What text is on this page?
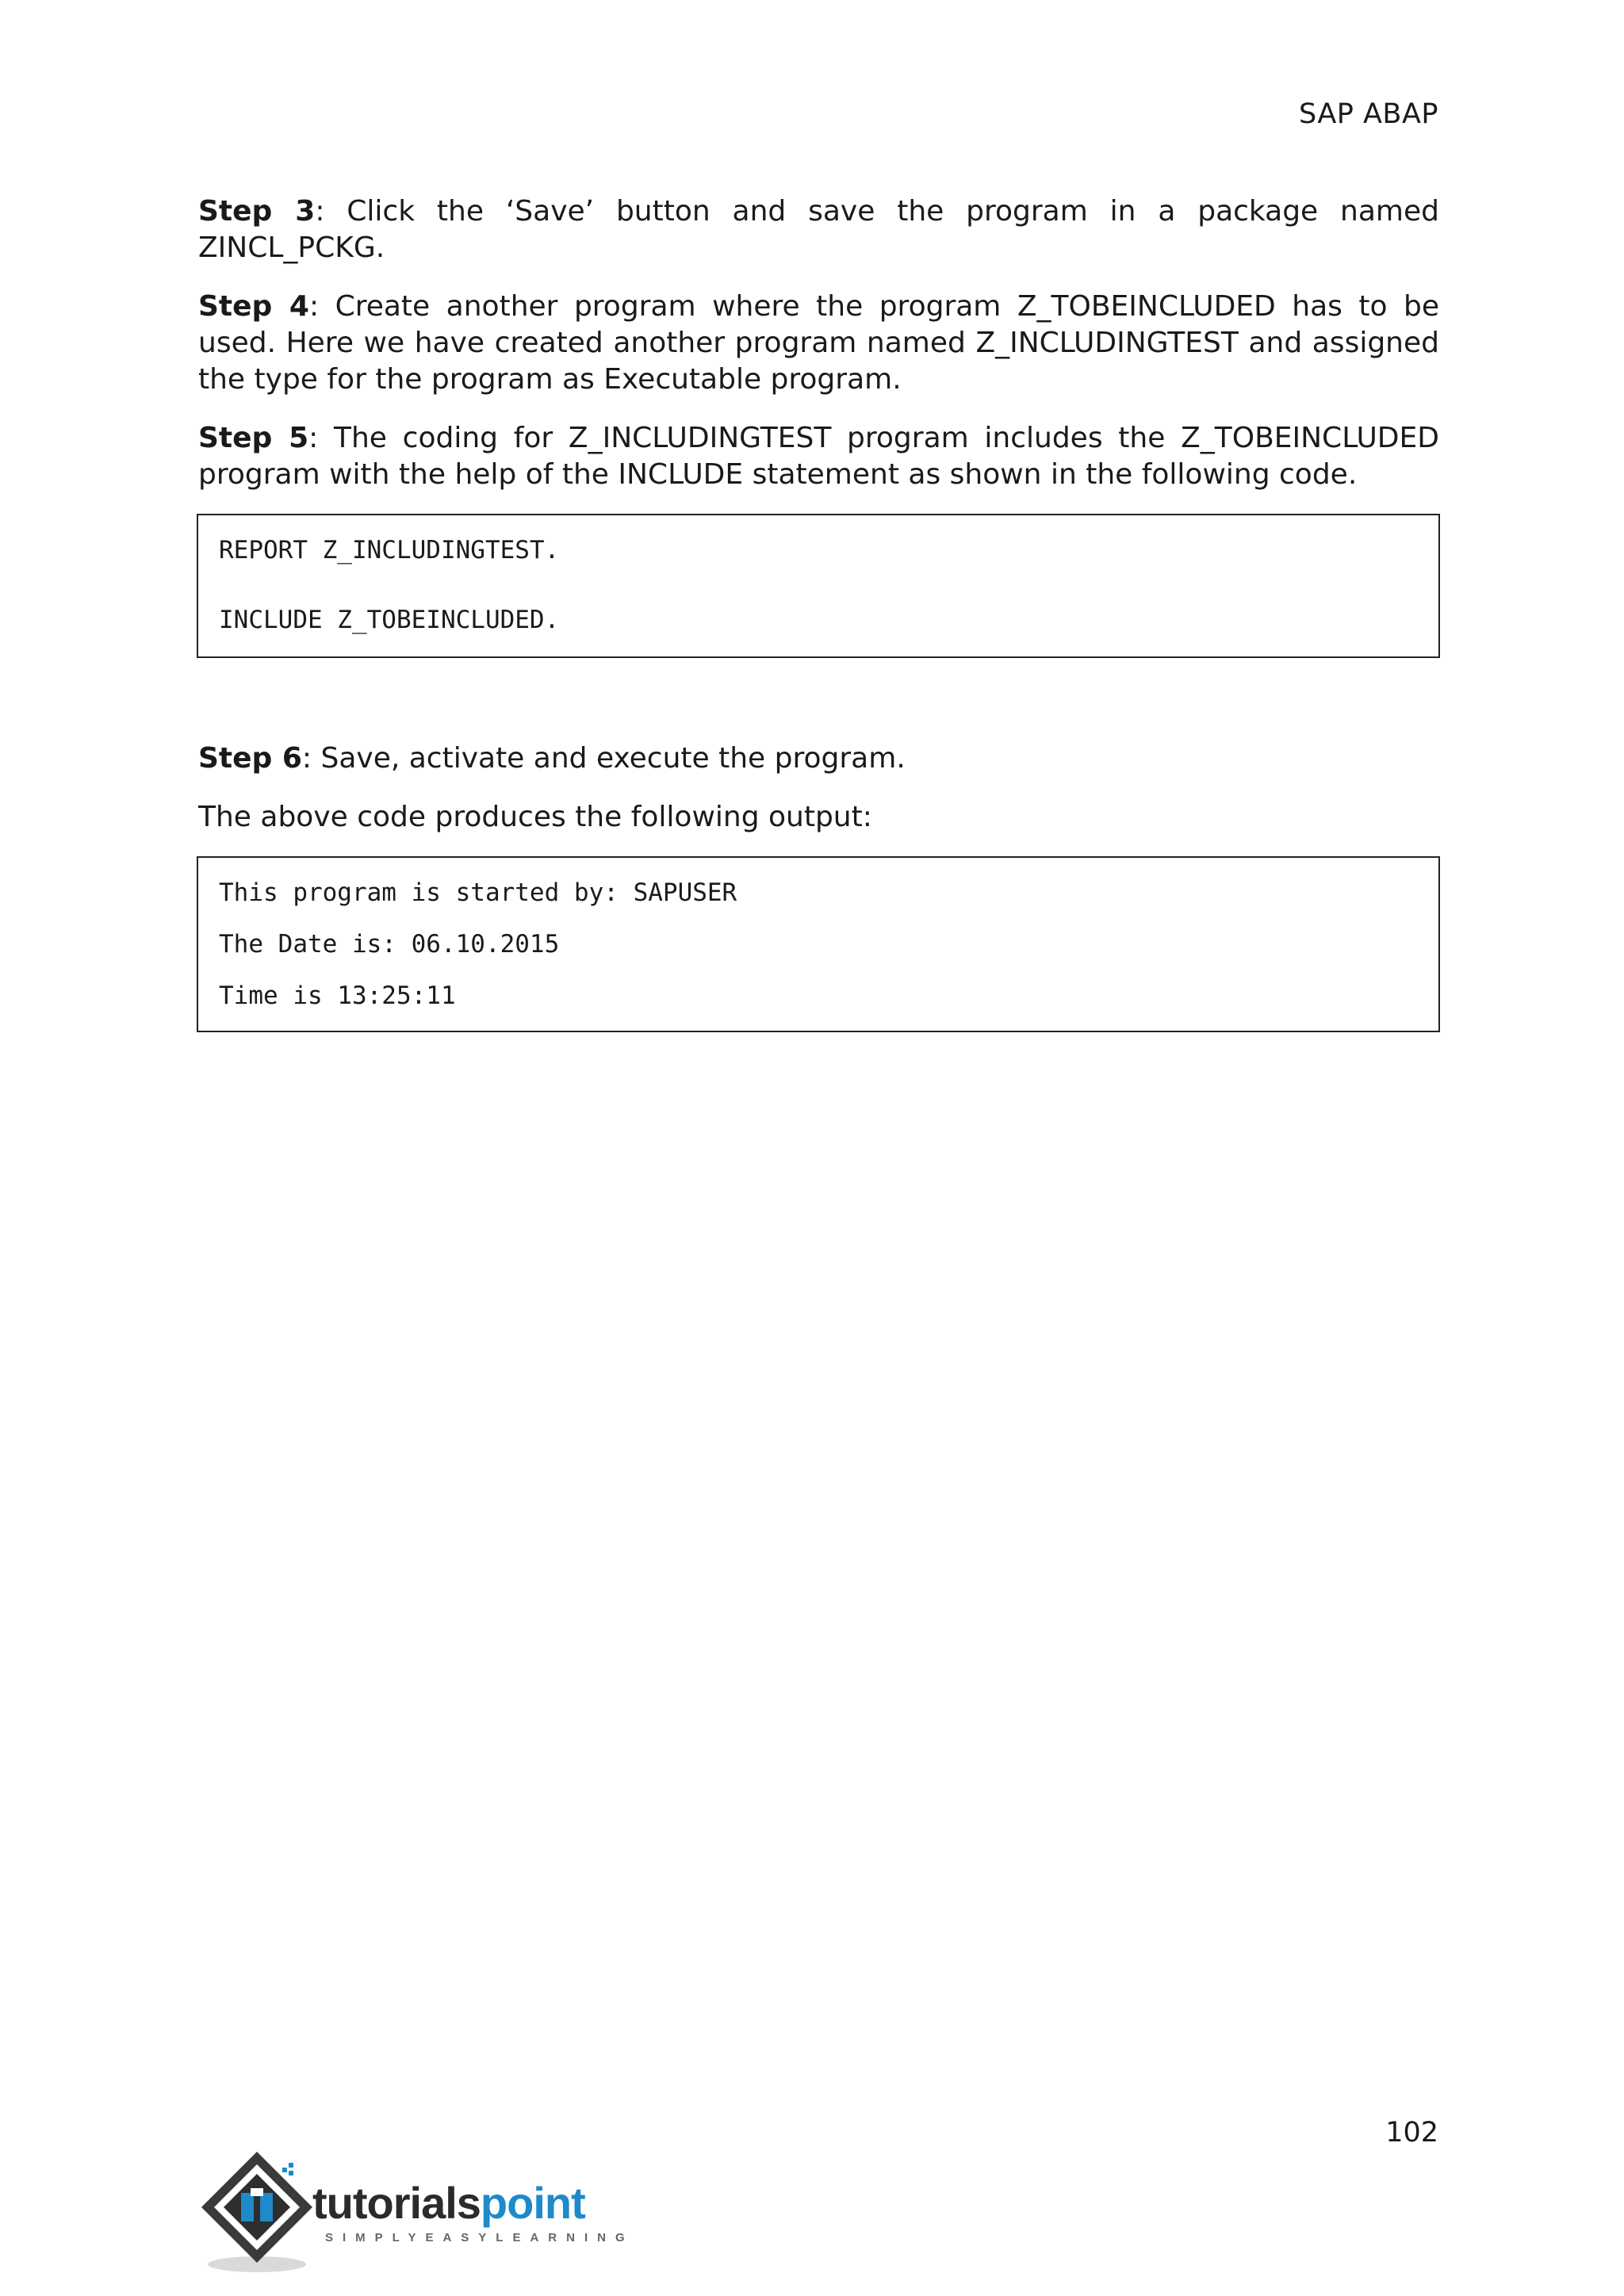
SAP ABAP

Step 3: Click the ‘Save’ button and save the program in a package named ZINCL_PCKG.

Step 4: Create another program where the program Z_TOBEINCLUDED has to be used. Here we have created another program named Z_INCLUDINGTEST and assigned the type for the program as Executable program.

Step 5: The coding for Z_INCLUDINGTEST program includes the Z_TOBEINCLUDED program with the help of the INCLUDE statement as shown in the following code.

REPORT Z_INCLUDINGTEST.
INCLUDE Z_TOBEINCLUDED.

Step 6: Save, activate and execute the program.

The above code produces the following output:

This program is started by: SAPUSER
The Date is: 06.10.2015
Time is 13:25:11
102
tutorialspoint
SIMPLYEASYLEARNING
